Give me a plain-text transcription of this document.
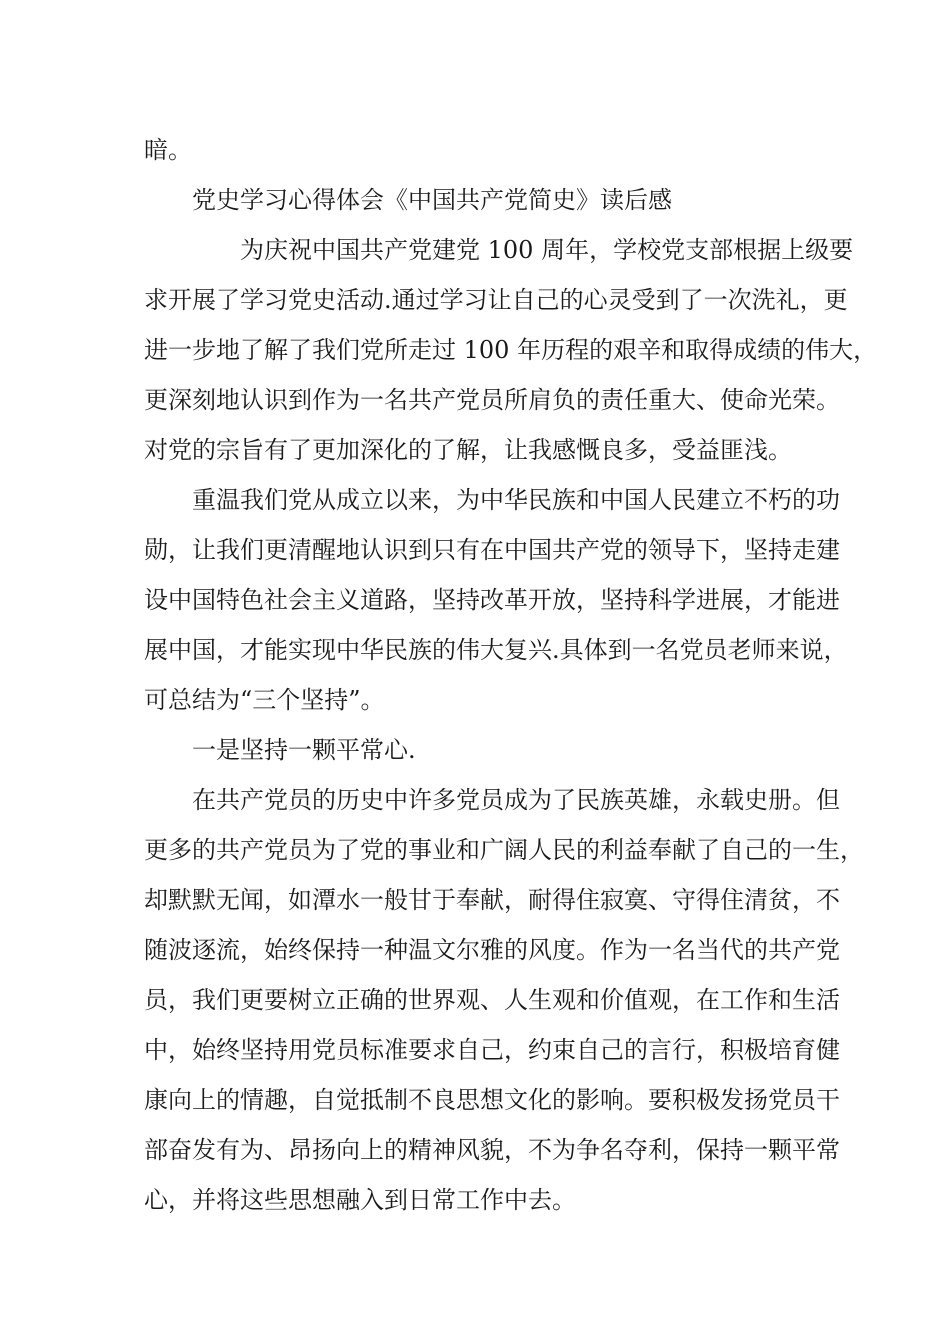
暗。
党史学习心得体会《中国共产党简史》读后感
为庆祝中国共产党建党 100 周年，学校党支部根据上级要
求开展了学习党史活动.通过学习让自己的心灵受到了一次洗礼，更
进一步地了解了我们党所走过 100 年历程的艰辛和取得成绩的伟大，
更深刻地认识到作为一名共产党员所肩负的责任重大、使命光荣。
对党的宗旨有了更加深化的了解，让我感慨良多，受益匪浅。
重温我们党从成立以来，为中华民族和中国人民建立不朽的功
勋，让我们更清醒地认识到只有在中国共产党的领导下，坚持走建
设中国特色社会主义道路，坚持改革开放，坚持科学进展，才能进
展中国，才能实现中华民族的伟大复兴.具体到一名党员老师来说，
可总结为“三个坚持”。
一是坚持一颗平常心.
在共产党员的历史中许多党员成为了民族英雄，永载史册。但
更多的共产党员为了党的事业和广阔人民的利益奉献了自己的一生，
却默默无闻，如潭水一般甘于奉献，耐得住寂寞、守得住清贫，不
随波逐流，始终保持一种温文尔雅的风度。作为一名当代的共产党
员，我们更要树立正确的世界观、人生观和价值观，在工作和生活
中，始终坚持用党员标准要求自己，约束自己的言行，积极培育健
康向上的情趣，自觉抵制不良思想文化的影响。要积极发扬党员干
部奋发有为、昂扬向上的精神风貌，不为争名夺利，保持一颗平常
心，并将这些思想融入到日常工作中去。
